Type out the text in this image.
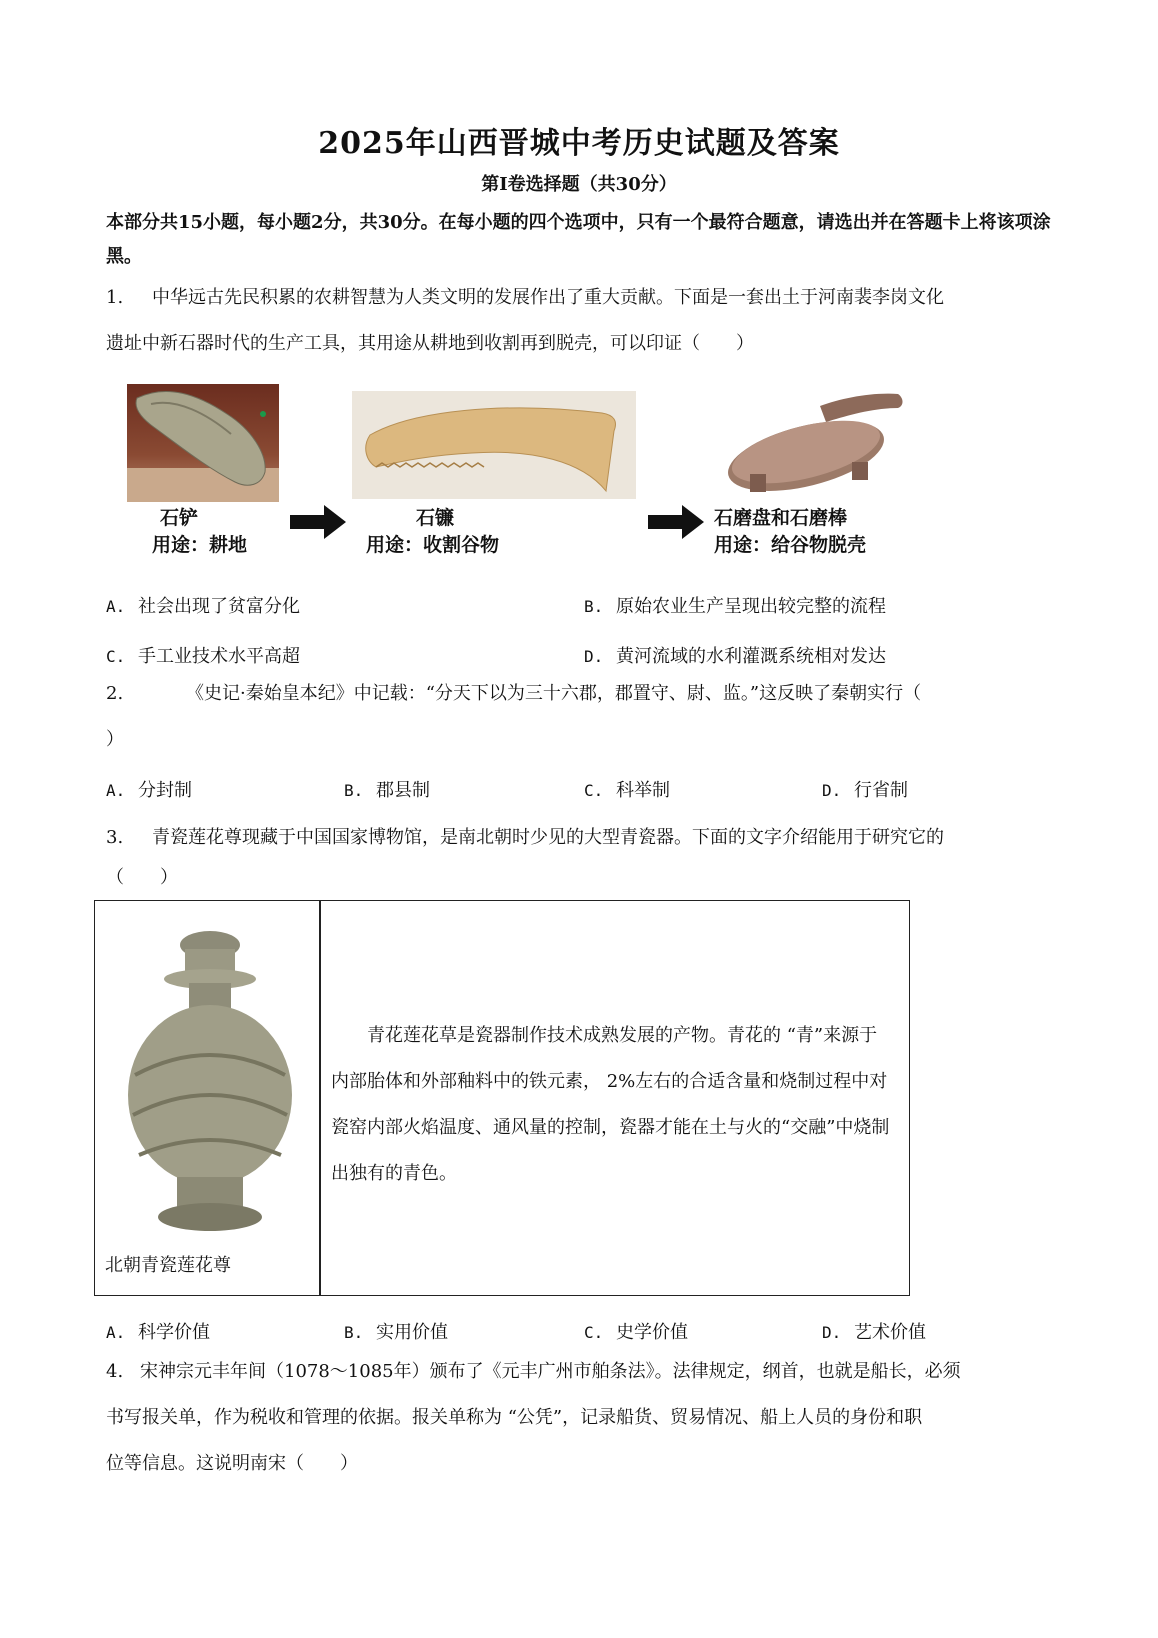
2025年山西晋城中考历史试题及答案
第Ⅰ卷选择题（共30分）
本部分共15小题，每小题2分，共30分。在每小题的四个选项中，只有一个最符合题意，请选出并在答题卡上将该项涂黑。
1. 中华远古先民积累的农耕智慧为人类文明的发展作出了重大贡献。下面是一套出土于河南裴李岗文化
遗址中新石器时代的生产工具，其用途从耕地到收割再到脱壳，可以印证（　　）
石铲
用途：耕地
石镰
用途：收割谷物
石磨盘和石磨棒
用途：给谷物脱壳
A. 社会出现了贫富分化	B. 原始农业生产呈现出较完整的流程
C. 手工业技术水平高超	D. 黄河流域的水利灌溉系统相对发达
2.	《史记·秦始皇本纪》中记载：“分天下以为三十六郡，郡置守、尉、监。”这反映了秦朝实行（
）
A. 分封制	B. 郡县制	C. 科举制	D. 行省制
3. 青瓷莲花尊现藏于中国国家博物馆，是南北朝时少见的大型青瓷器。下面的文字介绍能用于研究它的
（　　）
北朝青瓷莲花尊
　　青花莲花草是瓷器制作技术成熟发展的产物。青花的 “青”来源于内部胎体和外部釉料中的铁元素， 2%左右的合适含量和烧制过程中对瓷窑内部火焰温度、通风量的控制，瓷器才能在土与火的“交融”中烧制出独有的青色。
A. 科学价值	B. 实用价值	C. 史学价值	D. 艺术价值
4. 宋神宗元丰年间（1078～1085年）颁布了《元丰广州市舶条法》。法律规定，纲首，也就是船长，必须
书写报关单，作为税收和管理的依据。报关单称为 “公凭”，记录船货、贸易情况、船上人员的身份和职
位等信息。这说明南宋（　　）
